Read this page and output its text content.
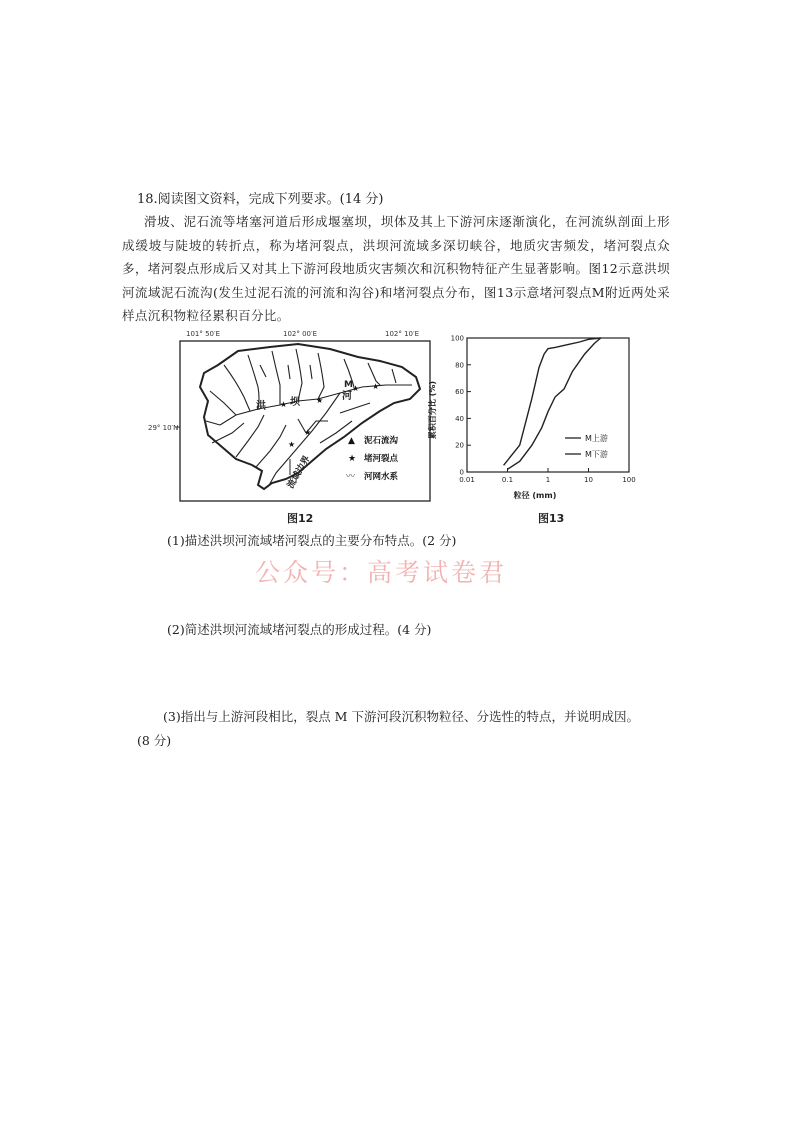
18.阅读图文资料，完成下列要求。(14 分)
滑坡、泥石流等堵塞河道后形成堰塞坝，坝体及其上下游河床逐渐演化，在河流纵剖面上形成缓坡与陡坡的转折点，称为堵河裂点，洪坝河流域多深切峡谷，地质灾害频发，堵河裂点众多，堵河裂点形成后又对其上下游河段地质灾害频次和沉积物特征产生显著影响。图12示意洪坝河流域泥石流沟(发生过泥石流的河流和沟谷)和堵河裂点分布，图13示意堵河裂点M附近两处采样点沉积物粒径累积百分比。
101° 50′E	102° 00′E	102° 10′E
29° 10′N
洪 坝
河
M ★ ★
★	★
★
★
流域边界
▲ 泥石流沟
★ 堵河裂点
〰 河网水系
图12
0.01	0.1	1	10	100
0
20
40
60
80
100
M上游
M下游
粒径 (mm)
累积百分比 (%)
图13
(1)描述洪坝河流域堵河裂点的主要分布特点。(2 分)
公众号：高考试卷君
(2)简述洪坝河流域堵河裂点的形成过程。(4 分)
(3)指出与上游河段相比，裂点 M 下游河段沉积物粒径、分选性的特点，并说明成因。
(8 分)
